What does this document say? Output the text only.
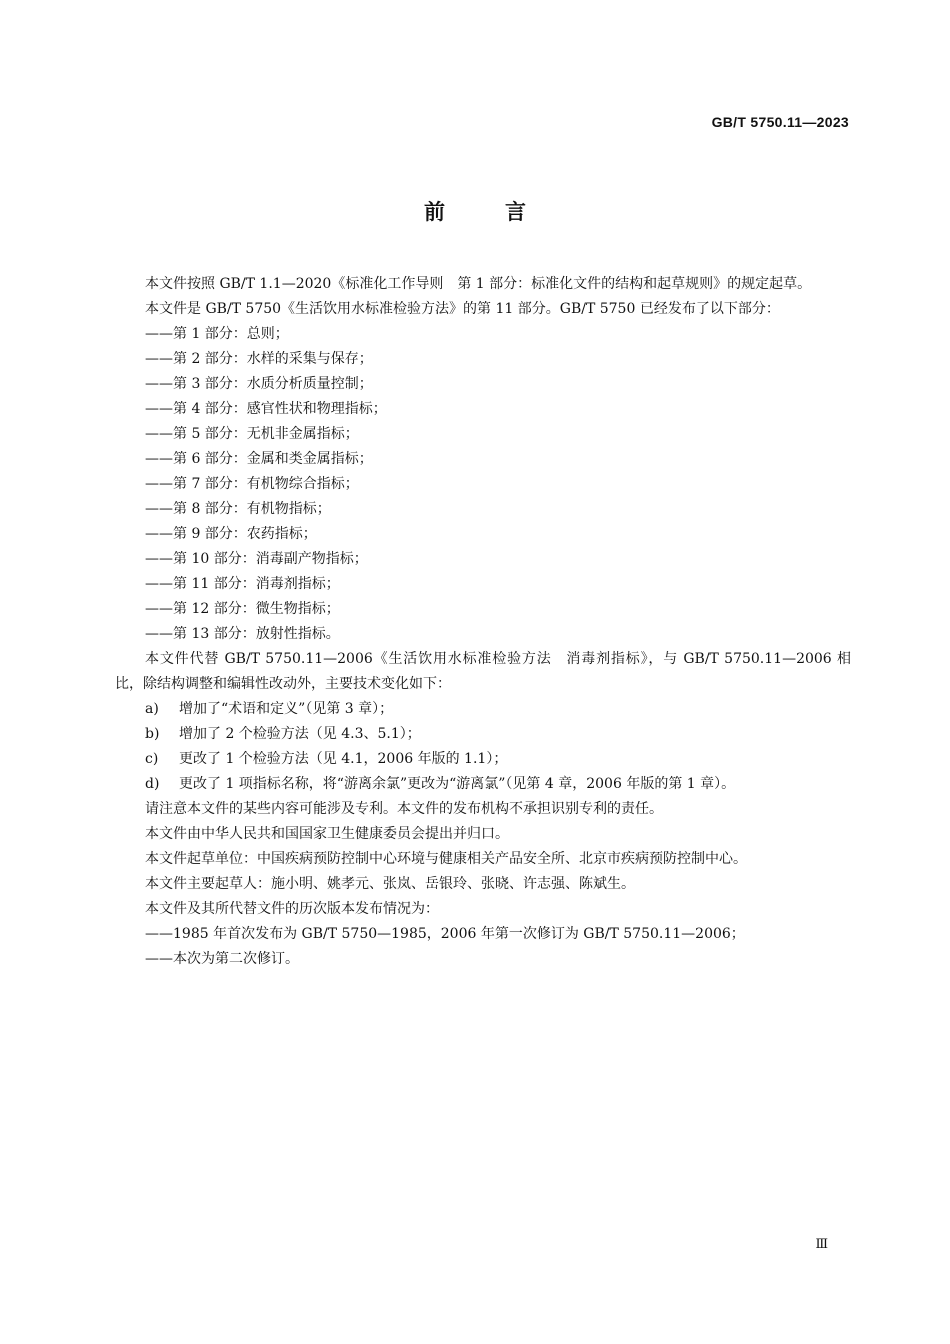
GB/T 5750.11—2023
前言

本文件按照 GB/T 1.1—2020《标准化工作导则　第 1 部分：标准化文件的结构和起草规则》的规定起草。

本文件是 GB/T 5750《生活饮用水标准检验方法》的第 11 部分。GB/T 5750 已经发布了以下部分：

——第 1 部分：总则；

——第 2 部分：水样的采集与保存；

——第 3 部分：水质分析质量控制；

——第 4 部分：感官性状和物理指标；

——第 5 部分：无机非金属指标；

——第 6 部分：金属和类金属指标；

——第 7 部分：有机物综合指标；

——第 8 部分：有机物指标；

——第 9 部分：农药指标；

——第 10 部分：消毒副产物指标；

——第 11 部分：消毒剂指标；

——第 12 部分：微生物指标；

——第 13 部分：放射性指标。

本文件代替 GB/T 5750.11—2006《生活饮用水标准检验方法　消毒剂指标》，与 GB/T 5750.11—2006 相比，除结构调整和编辑性改动外，主要技术变化如下：

a)	增加了“术语和定义”（见第 3 章）；

b)	增加了 2 个检验方法（见 4.3、5.1）；

c)	更改了 1 个检验方法（见 4.1，2006 年版的 1.1）；

d)	更改了 1 项指标名称，将“游离余氯”更改为“游离氯”（见第 4 章，2006 年版的第 1 章）。

请注意本文件的某些内容可能涉及专利。本文件的发布机构不承担识别专利的责任。

本文件由中华人民共和国国家卫生健康委员会提出并归口。

本文件起草单位：中国疾病预防控制中心环境与健康相关产品安全所、北京市疾病预防控制中心。

本文件主要起草人：施小明、姚孝元、张岚、岳银玲、张晓、许志强、陈斌生。

本文件及其所代替文件的历次版本发布情况为：

——1985 年首次发布为 GB/T 5750—1985，2006 年第一次修订为 GB/T 5750.11—2006；

——本次为第二次修订。

Ⅲ
